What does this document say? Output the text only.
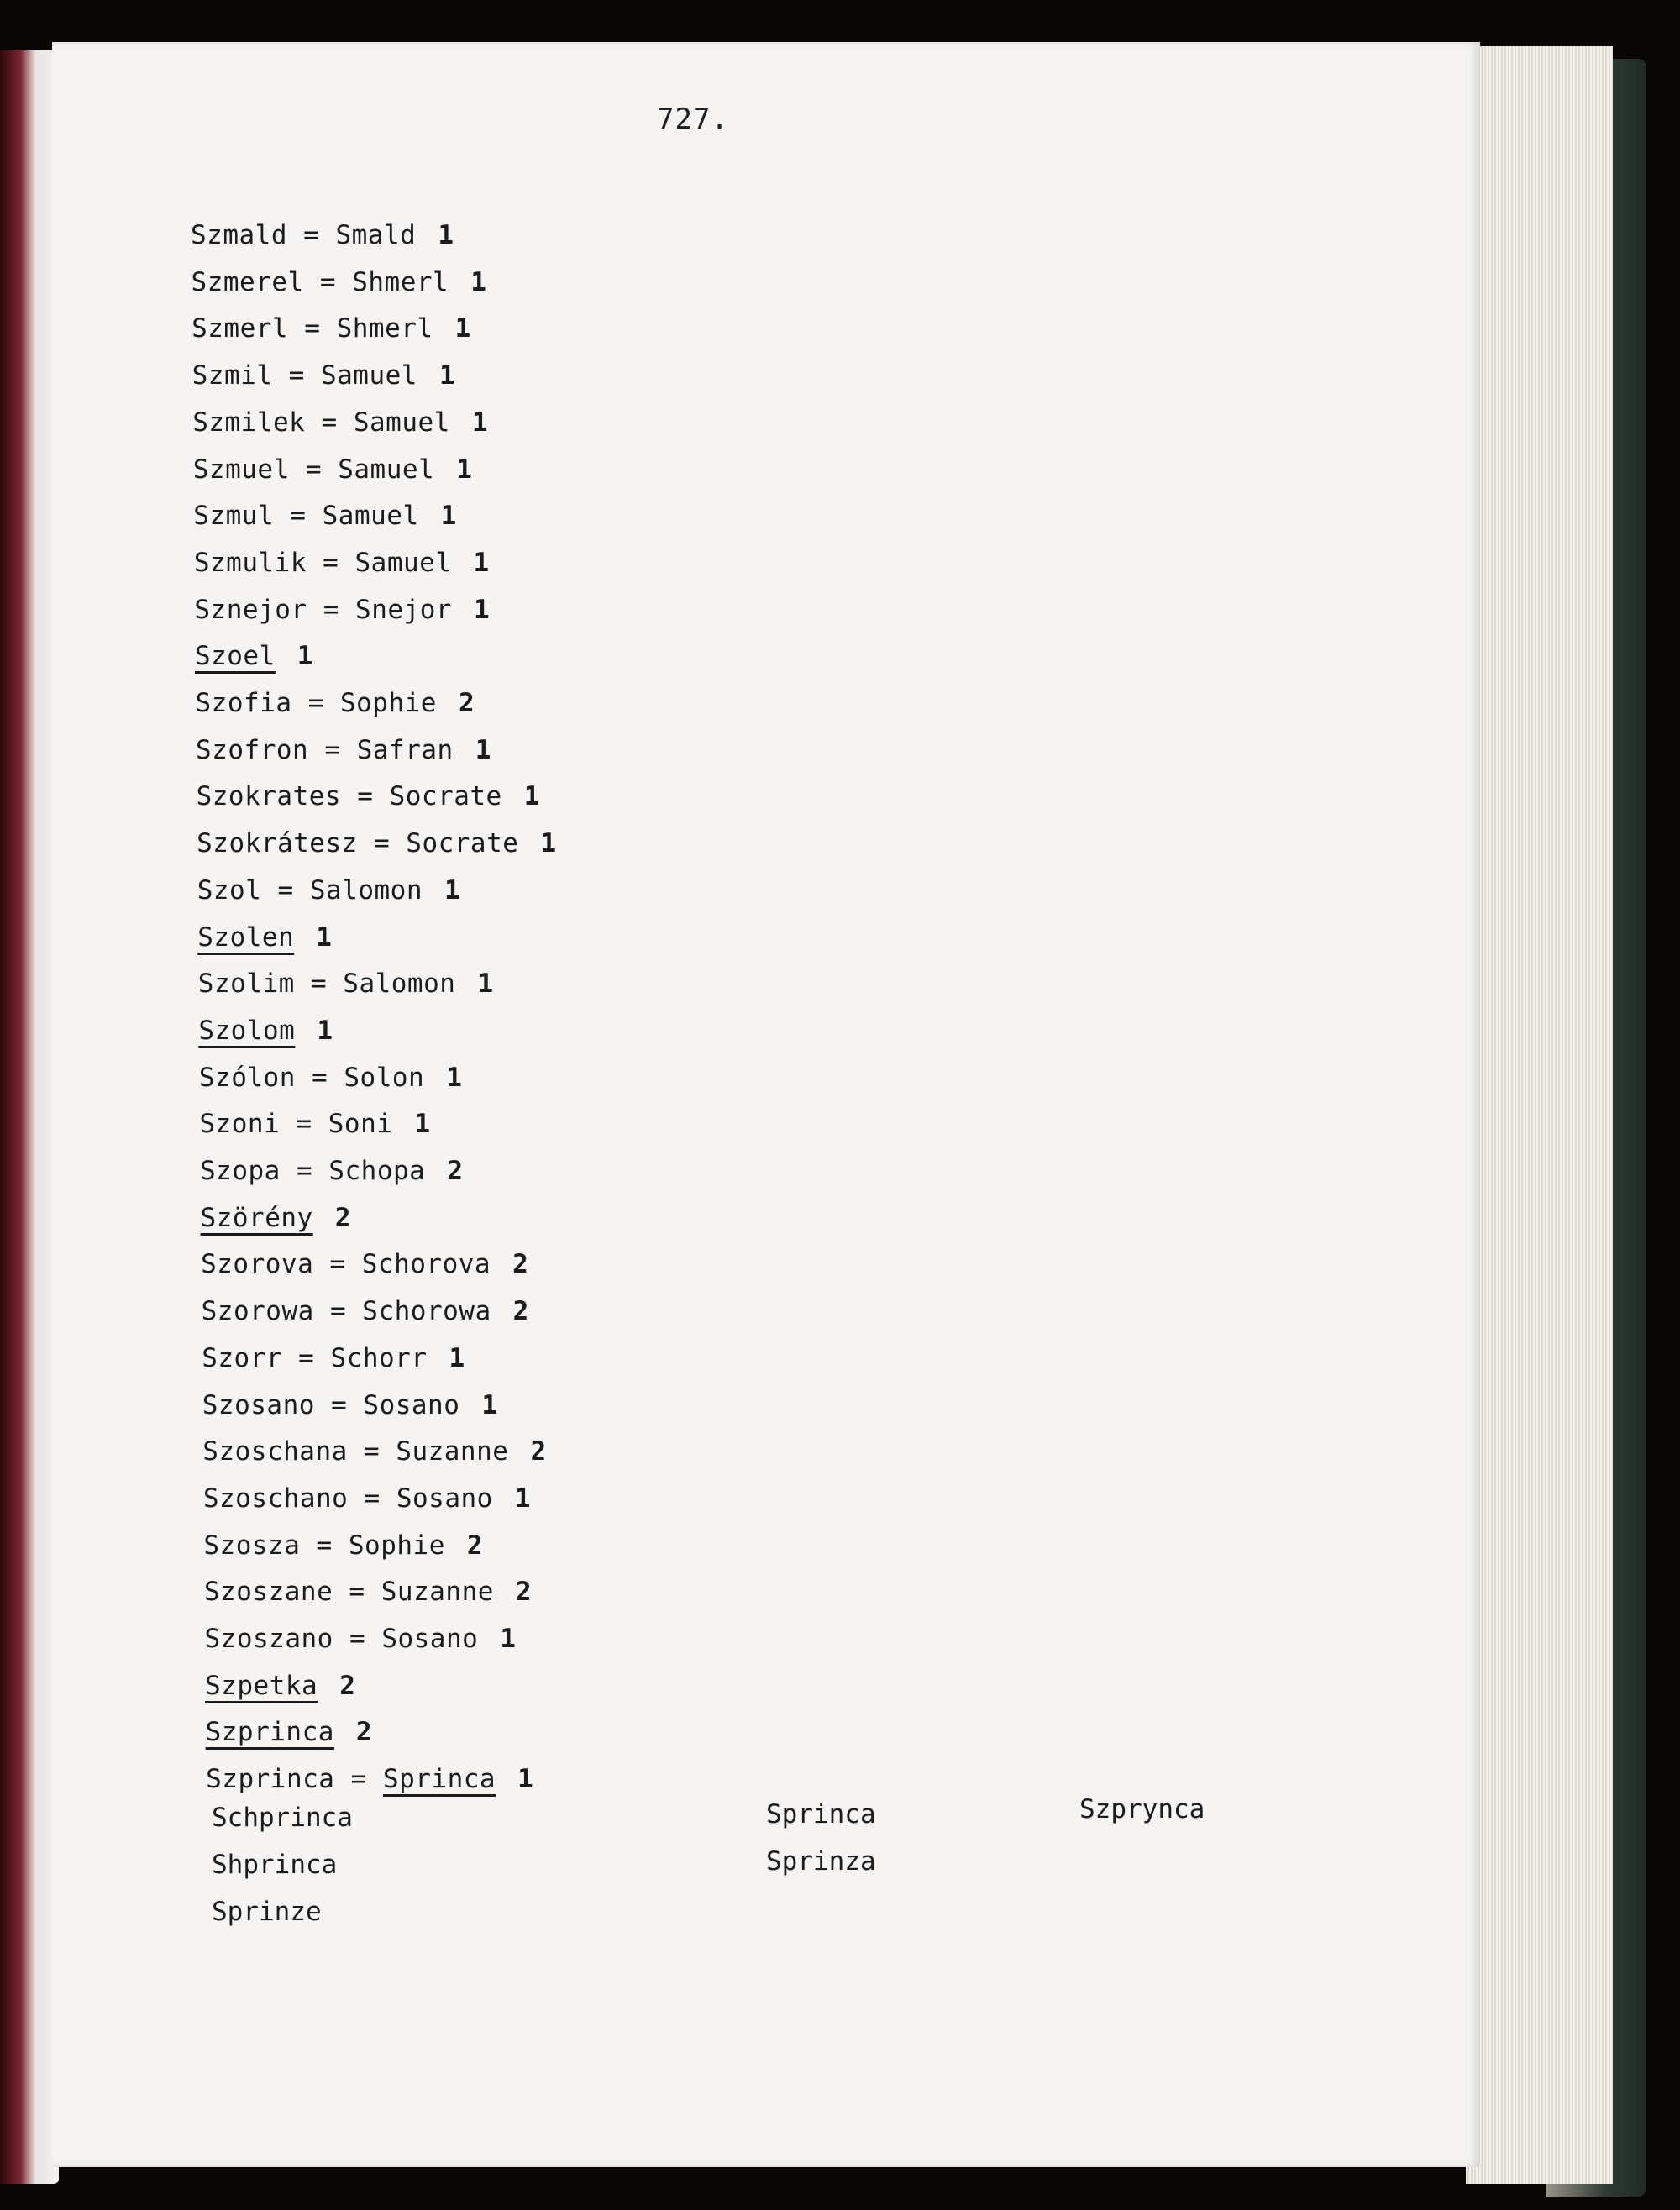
727.
Szmald = Smald 1
Szmerel = Shmerl 1
Szmerl = Shmerl 1
Szmil = Samuel 1
Szmilek = Samuel 1
Szmuel = Samuel 1
Szmul = Samuel 1
Szmulik = Samuel 1
Sznejor = Snejor 1
Szoel 1
Szofia = Sophie 2
Szofron = Safran 1
Szokrates = Socrate 1
Szokrátesz = Socrate 1
Szol = Salomon 1
Szolen 1
Szolim = Salomon 1
Szolom 1
Szólon = Solon 1
Szoni = Soni 1
Szopa = Schopa 2
Szörény 2
Szorova = Schorova 2
Szorowa = Schorowa 2
Szorr = Schorr 1
Szosano = Sosano 1
Szoschana = Suzanne 2
Szoschano = Sosano 1
Szosza = Sophie 2
Szoszane = Suzanne 2
Szoszano = Sosano 1
Szpetka 2
Szprinca 2
Szprinca = Sprinca 1
Schprinca
Shprinca
Sprinze
Sprinca
Sprinza
Szprynca
